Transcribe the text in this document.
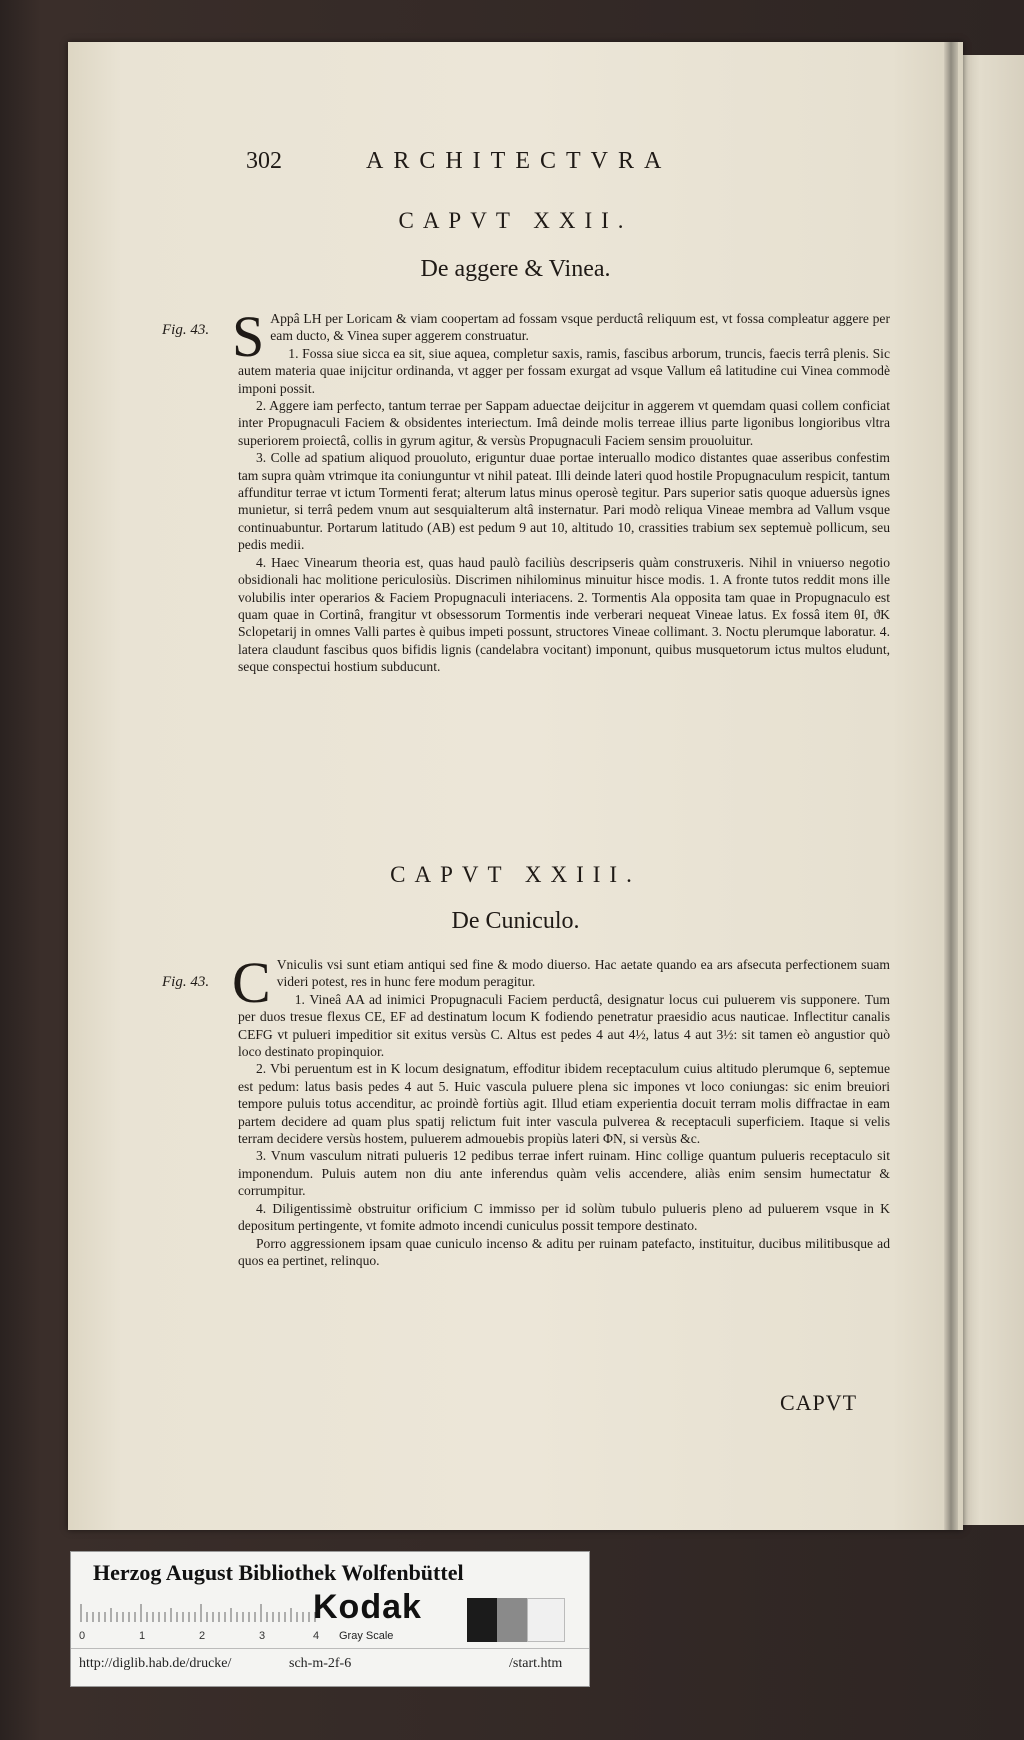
302	ARCHITECTVRA
CAPVT XXII.
De aggere & Vinea.
Fig. 43. S Appâ LH per Loricam & viam coopertam ad fossam vsque perductâ reliquum est, vt fossa compleatur aggere per eam ducto, & Vinea super aggerem construatur.

1. Fossa siue sicca ea sit, siue aquea, completur saxis, ramis, fascibus arborum, truncis, faecis terrâ plenis. Sic autem materia quae inijcitur ordinanda, vt agger per fossam exurgat ad vsque Vallum eâ latitudine cui Vinea commodè imponi possit.

2. Aggere iam perfecto, tantum terrae per Sappam aduectae deijcitur in aggerem vt quemdam quasi collem conficiat inter Propugnaculi Faciem & obsidentes interiectum. Imâ deinde molis terreae illius parte ligonibus longioribus vltra superiorem proiectâ, collis in gyrum agitur, & versùs Propugnaculi Faciem sensim prouoluitur.

3. Colle ad spatium aliquod prouoluto, eriguntur duae portae interuallo modico distantes quae asseribus confestim tam supra quàm vtrimque ita coniunguntur vt nihil pateat. Illi deinde lateri quod hostile Propugnaculum respicit, tantum affunditur terrae vt ictum Tormenti ferat; alterum latus minus operosè tegitur. Pars superior satis quoque aduersùs ignes munietur, si terrâ pedem vnum aut sesquialterum altâ insternatur. Pari modò reliqua Vineae membra ad Vallum vsque continuabuntur. Portarum latitudo (AB) est pedum 9 aut 10, altitudo 10, crassities trabium sex septemuè pollicum, seu pedis medii.

4. Haec Vinearum theoria est, quas haud paulò faciliùs descripseris quàm construxeris. Nihil in vniuerso negotio obsidionali hac molitione periculosiùs. Discrimen nihilominus minuitur hisce modis. 1. A fronte tutos reddit mons ille volubilis inter operarios & Faciem Propugnaculi interiacens. 2. Tormentis Ala opposita tam quae in Propugnaculo est quam quae in Cortinâ, frangitur vt obsessorum Tormentis inde verberari nequeat Vineae latus. Ex fossâ item θI, ϑK Sclopetarij in omnes Valli partes è quibus impeti possunt, structores Vineae collimant. 3. Noctu plerumque laboratur. 4. latera claudunt fascibus quos bifidis lignis (candelabra vocitant) imponunt, quibus musquetorum ictus multos eludunt, seque conspectui hostium subducunt.

CAPVT XXIII.
De Cuniculo.
Fig. 43. C Vniculis vsi sunt etiam antiqui sed fine & modo diuerso. Hac aetate quando ea ars afsecuta perfectionem suam videri potest, res in hunc fere modum peragitur.

1. Vineâ AA ad inimici Propugnaculi Faciem perductâ, designatur locus cui puluerem vis supponere. Tum per duos tresue flexus CE, EF ad destinatum locum K fodiendo penetratur praesidio acus nauticae. Inflectitur canalis CEFG vt pulueri impeditior sit exitus versùs C. Altus est pedes 4 aut 4½, latus 4 aut 3½: sit tamen eò angustior quò loco destinato propinquior.

2. Vbi peruentum est in K locum designatum, effoditur ibidem receptaculum cuius altitudo plerumque 6, septemue est pedum: latus basis pedes 4 aut 5. Huic vascula puluere plena sic impones vt loco coniungas: sic enim breuiori tempore puluis totus accenditur, ac proindè fortiùs agit. Illud etiam experientia docuit terram molis diffractae in eam partem decidere ad quam plus spatij relictum fuit inter vascula pulverea & receptaculi superficiem. Itaque si velis terram decidere versùs hostem, puluerem admouebis propiùs lateri ΦN, si versùs &c.

3. Vnum vasculum nitrati pulueris 12 pedibus terrae infert ruinam. Hinc collige quantum pulueris receptaculo sit imponendum. Puluis autem non diu ante inferendus quàm velis accendere, aliàs enim sensim humectatur & corrumpitur.

4. Diligentissimè obstruitur orificium C immisso per id solùm tubulo pulueris pleno ad puluerem vsque in K depositum pertingente, vt fomite admoto incendi cuniculus possit tempore destinato.

Porro aggressionem ipsam quae cuniculo incenso & aditu per ruinam patefacto, instituitur, ducibus militibusque ad quos ea pertinet, relinquo.

CAPVT
Herzog August Bibliothek Wolfenbüttel
0	1	2	3	4
Kodak
Gray Scale
http://diglib.hab.de/drucke/	sch-m-2f-6	/start.htm
